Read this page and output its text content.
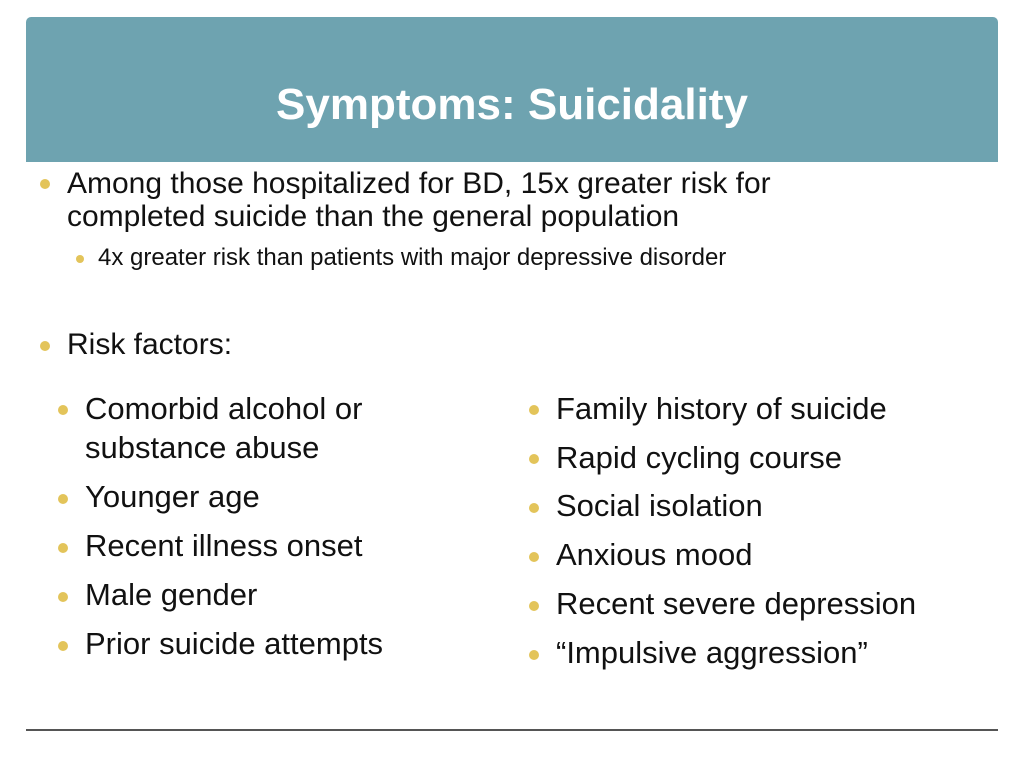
Symptoms: Suicidality
Among those hospitalized for BD, 15x greater risk for
completed suicide than the general population
4x greater risk than patients with major depressive disorder
Risk factors:
Comorbid alcohol or
substance abuse
Younger age
Recent illness onset
Male gender
Prior suicide attempts
Family history of suicide
Rapid cycling course
Social isolation
Anxious mood
Recent severe depression
“Impulsive aggression”
